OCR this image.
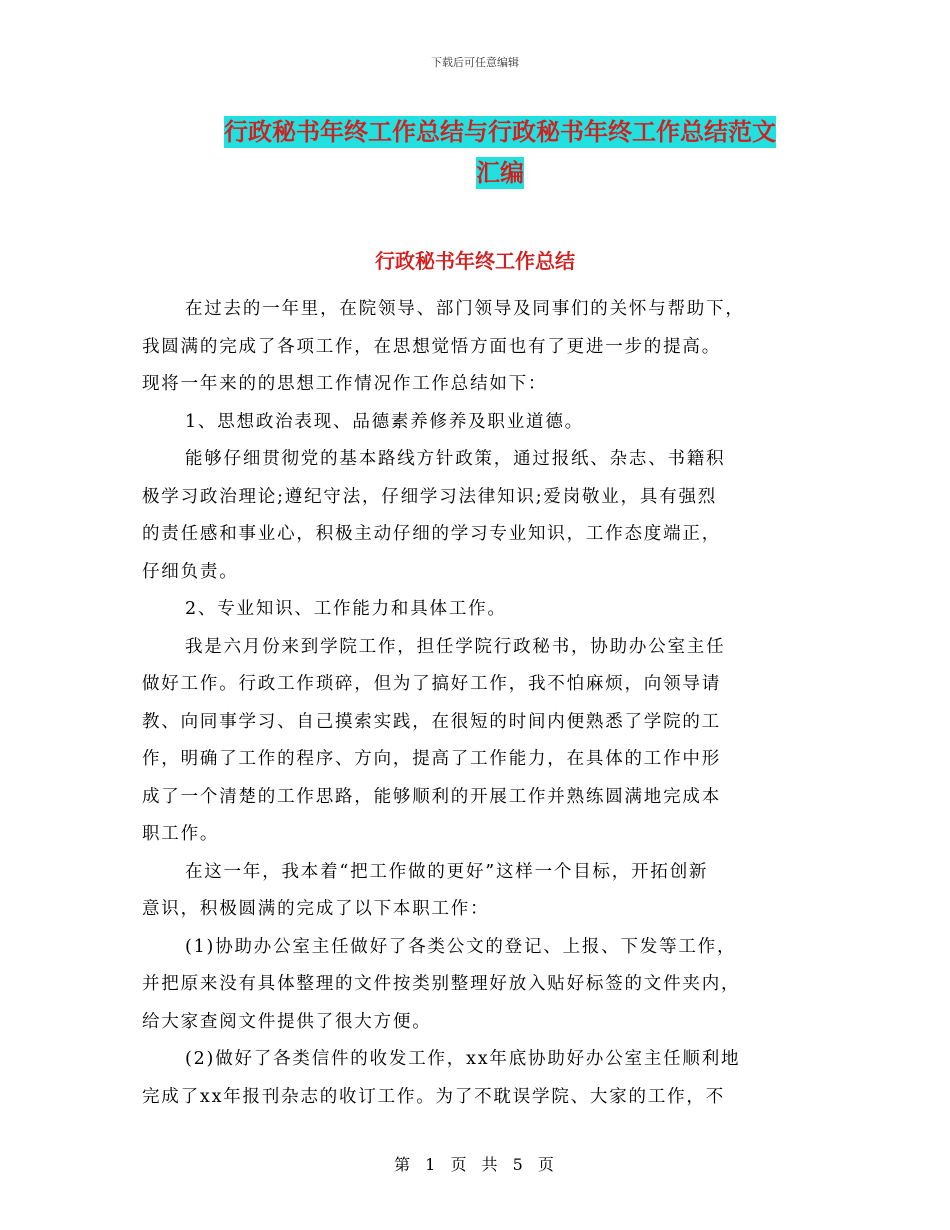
下载后可任意编辑
行政秘书年终工作总结与行政秘书年终工作总结范文
汇编
行政秘书年终工作总结
在过去的一年里，在院领导、部门领导及同事们的关怀与帮助下，
我圆满的完成了各项工作，在思想觉悟方面也有了更进一步的提高。
现将一年来的的思想工作情况作工作总结如下：
1、思想政治表现、品德素养修养及职业道德。
能够仔细贯彻党的基本路线方针政策，通过报纸、杂志、书籍积
极学习政治理论;遵纪守法，仔细学习法律知识;爱岗敬业，具有强烈
的责任感和事业心，积极主动仔细的学习专业知识，工作态度端正，
仔细负责。
2、专业知识、工作能力和具体工作。
我是六月份来到学院工作，担任学院行政秘书，协助办公室主任
做好工作。行政工作琐碎，但为了搞好工作，我不怕麻烦，向领导请
教、向同事学习、自己摸索实践，在很短的时间内便熟悉了学院的工
作，明确了工作的程序、方向，提高了工作能力，在具体的工作中形
成了一个清楚的工作思路，能够顺利的开展工作并熟练圆满地完成本
职工作。
在这一年，我本着“把工作做的更好”这样一个目标，开拓创新
意识，积极圆满的完成了以下本职工作：
(1)协助办公室主任做好了各类公文的登记、上报、下发等工作，
并把原来没有具体整理的文件按类别整理好放入贴好标签的文件夹内，
给大家查阅文件提供了很大方便。
(2)做好了各类信件的收发工作，xx年底协助好办公室主任顺利地
完成了xx年报刊杂志的收订工作。为了不耽误学院、大家的工作，不
第 1 页 共 5 页
